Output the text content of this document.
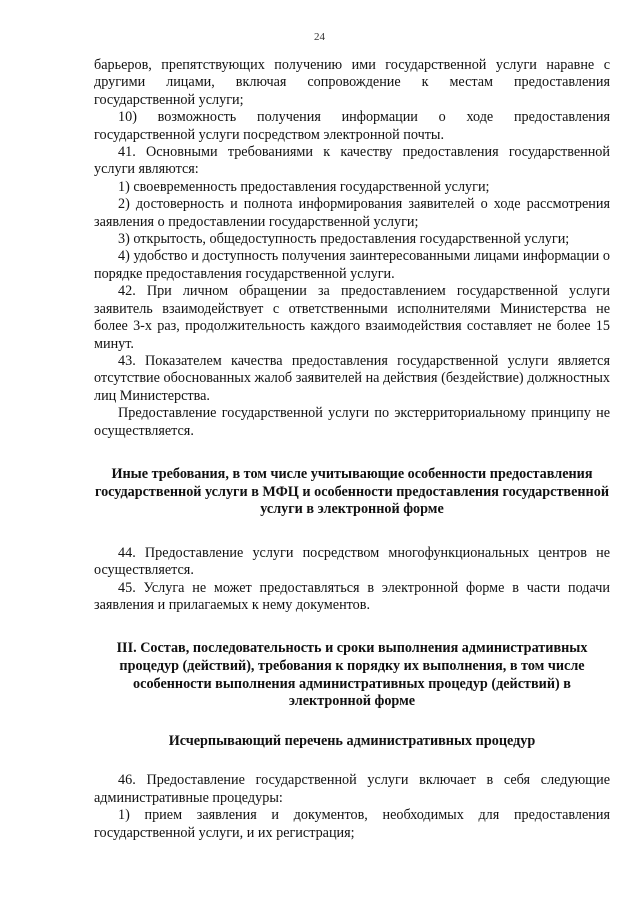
24

барьеров, препятствующих получению ими государственной услуги наравне с другими лицами, включая сопровождение к местам предоставления государственной услуги;

10) возможность получения информации о ходе предоставления государственной услуги посредством электронной почты.

41. Основными требованиями к качеству предоставления государственной услуги являются:

1) своевременность предоставления государственной услуги;

2) достоверность и полнота информирования заявителей о ходе рассмотрения заявления о предоставлении государственной услуги;

3) открытость, общедоступность предоставления государственной услуги;

4) удобство и доступность получения заинтересованными лицами информации о порядке предоставления государственной услуги.

42. При личном обращении за предоставлением государственной услуги заявитель взаимодействует с ответственными исполнителями Министерства не более 3-х раз, продолжительность каждого взаимодействия составляет не более 15 минут.

43. Показателем качества предоставления государственной услуги является отсутствие обоснованных жалоб заявителей на действия (бездействие) должностных лиц Министерства.

Предоставление государственной услуги по экстерриториальному принципу не осуществляется.

Иные требования, в том числе учитывающие особенности предоставления государственной услуги в МФЦ и особенности предоставления государственной услуги в электронной форме

44. Предоставление услуги посредством многофункциональных центров не осуществляется.

45. Услуга не может предоставляться в электронной форме в части подачи заявления и прилагаемых к нему документов.

III. Состав, последовательность и сроки выполнения административных процедур (действий), требования к порядку их выполнения, в том числе особенности выполнения административных процедур (действий) в электронной форме
Исчерпывающий перечень административных процедур

46. Предоставление государственной услуги включает в себя следующие административные процедуры:

1) прием заявления и документов, необходимых для предоставления государственной услуги, и их регистрация;
